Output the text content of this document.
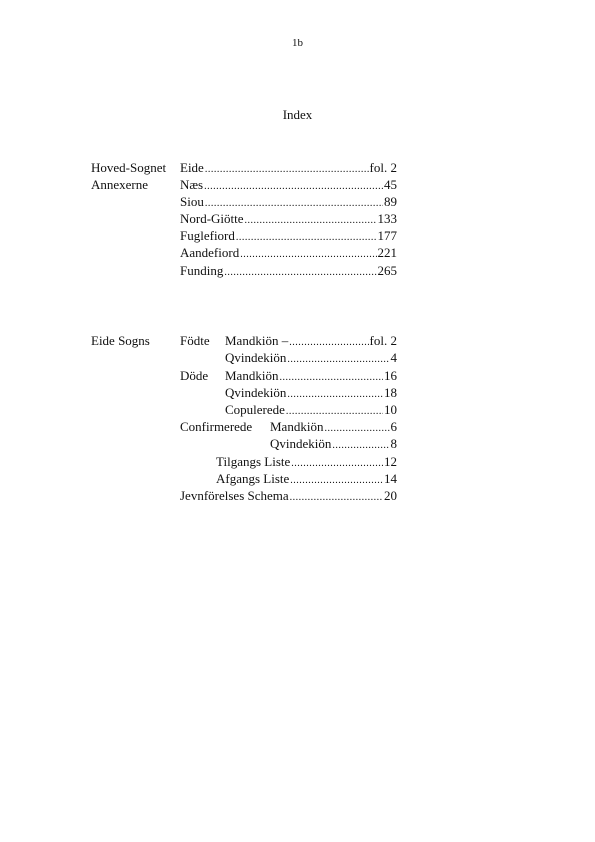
1b
Index
Hoved-Sognet Eide .....	fol. 2
Annexerne Næs .....	45
Siou .....	89
Nord-Giötte .....	133
Fuglefiord .....	177
Aandefiord .....	221
Funding .....	265
Eide Sogns Födte Mandkiön – .....	fol. 2
Qvindekiön .....	4
Döde Mandkiön .....	16
Qvindekiön .....	18
Copulerede .....	10
Confirmerede Mandkiön .....	6
Qvindekiön .....	8
Tilgangs Liste .....	12
Afgangs Liste .....	14
Jevnförelses Schema .....	20
